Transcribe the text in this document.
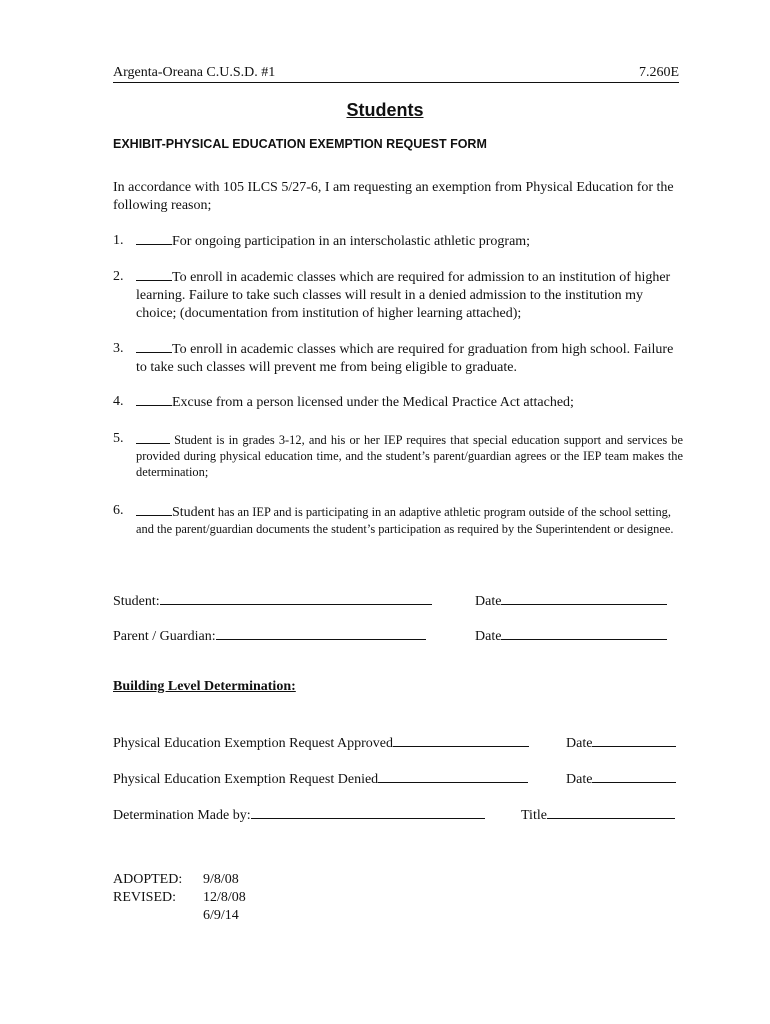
Argenta-Oreana C.U.S.D. #1	7.260E
Students
EXHIBIT-PHYSICAL EDUCATION EXEMPTION REQUEST FORM
In accordance with 105 ILCS 5/27-6, I am requesting an exemption from Physical Education for the following reason;
1.	For ongoing participation in an interscholastic athletic program;
2.	To enroll in academic classes which are required for admission to an institution of higher learning. Failure to take such classes will result in a denied admission to the institution my choice; (documentation from institution of higher learning attached);
3.	To enroll in academic classes which are required for graduation from high school. Failure to take such classes will prevent me from being eligible to graduate.
4.	Excuse from a person licensed under the Medical Practice Act attached;
5.	Student is in grades 3-12, and his or her IEP requires that special education support and services be provided during physical education time, and the student’s parent/guardian agrees or the IEP team makes the determination;
6.	Student has an IEP and is participating in an adaptive athletic program outside of the school setting, and the parent/guardian documents the student’s participation as required by the Superintendent or designee.
Student:	Date
Parent / Guardian:	Date
Building Level Determination:
Physical Education Exemption Request Approved	Date
Physical Education Exemption Request Denied	Date
Determination Made by:	Title
ADOPTED: 9/8/08
REVISED: 12/8/08
6/9/14
